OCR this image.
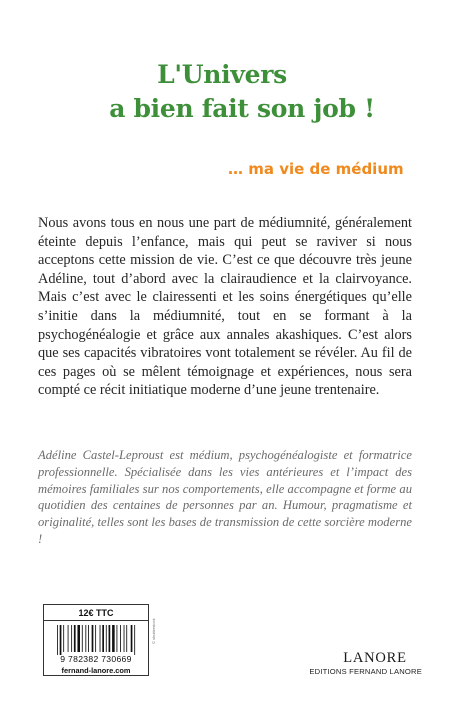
L'Univers
a bien fait son job !
… ma vie de médium

Nous avons tous en nous une part de médiumnité, généralement éteinte depuis l’enfance, mais qui peut se raviver si nous acceptons cette mission de vie. C’est ce que découvre très jeune Adéline, tout d’abord avec la clairaudience et la clairvoyance. Mais c’est avec le clairessenti et les soins énergétiques qu’elle s’initie dans la médiumnité, tout en se formant à la psychogénéalogie et grâce aux annales akashiques. C’est alors que ses capacités vibratoires vont totalement se révéler. Au fil de ces pages où se mêlent témoignage et expériences, nous sera compté ce récit initiatique moderne d’une jeune trentenaire.

Adéline Castel-Leproust est médium, psychogénéalogiste et formatrice professionnelle. Spécialisée dans les vies antérieures et l’impact des mémoires familiales sur nos comportements, elle accompagne et forme au quotidien des centaines de personnes par an. Humour, pragmatisme et originalité, telles sont les bases de transmission de cette sorcière moderne !

12€ TTC
9 782382 730669
fernand-lanore.com
© shutterstock
LANORE
EDITIONS FERNAND LANORE
